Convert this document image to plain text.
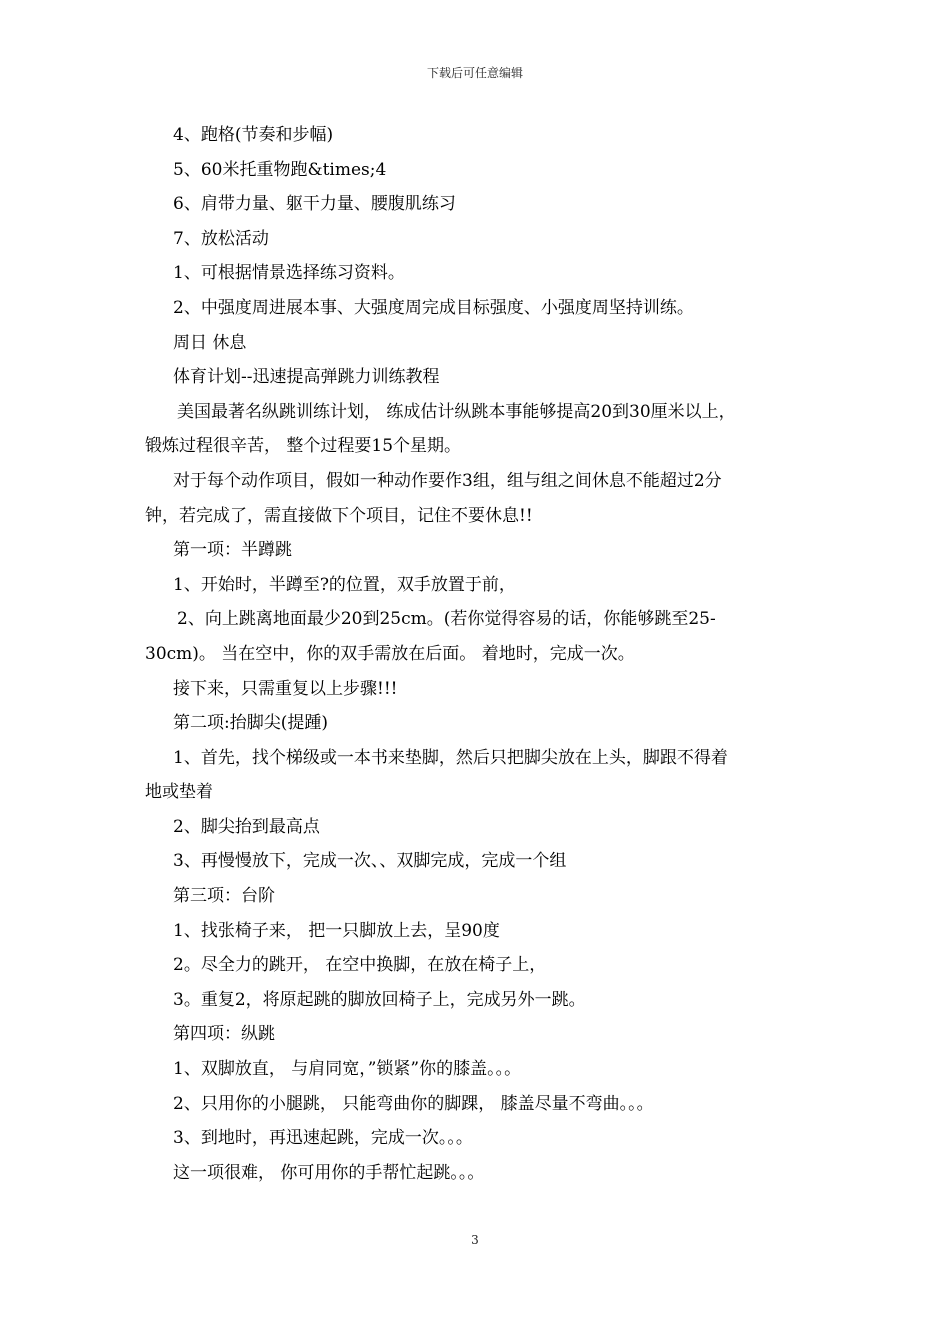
下载后可任意编辑
4、跑格(节奏和步幅)
5、60米托重物跑&times;4
6、肩带力量、躯干力量、腰腹肌练习
7、放松活动
1、可根据情景选择练习资料。
2、中强度周进展本事、大强度周完成目标强度、小强度周坚持训练。
周日 休息
体育计划--迅速提高弹跳力训练教程
美国最著名纵跳训练计划， 练成估计纵跳本事能够提高20到30厘米以上，
锻炼过程很辛苦， 整个过程要15个星期。
对于每个动作项目，假如一种动作要作3组，组与组之间休息不能超过2分
钟，若完成了，需直接做下个项目，记住不要休息!!
第一项：半蹲跳
1、开始时，半蹲至?的位置，双手放置于前，
2、向上跳离地面最少20到25cm。(若你觉得容易的话，你能够跳至25-
30cm)。 当在空中，你的双手需放在后面。 着地时，完成一次。
接下来，只需重复以上步骤!!!
第二项:抬脚尖(提踵)
1、首先，找个梯级或一本书来垫脚，然后只把脚尖放在上头，脚跟不得着
地或垫着
2、脚尖抬到最高点
3、再慢慢放下，完成一次、、双脚完成，完成一个组
第三项：台阶
1、找张椅子来， 把一只脚放上去，呈90度
2。尽全力的跳开， 在空中换脚，在放在椅子上，
3。重复2，将原起跳的脚放回椅子上，完成另外一跳。
第四项：纵跳
1、双脚放直， 与肩同宽，”锁紧”你的膝盖。。。
2、只用你的小腿跳， 只能弯曲你的脚踝， 膝盖尽量不弯曲。。。
3、到地时，再迅速起跳，完成一次。。。
这一项很难， 你可用你的手帮忙起跳。。。
3
